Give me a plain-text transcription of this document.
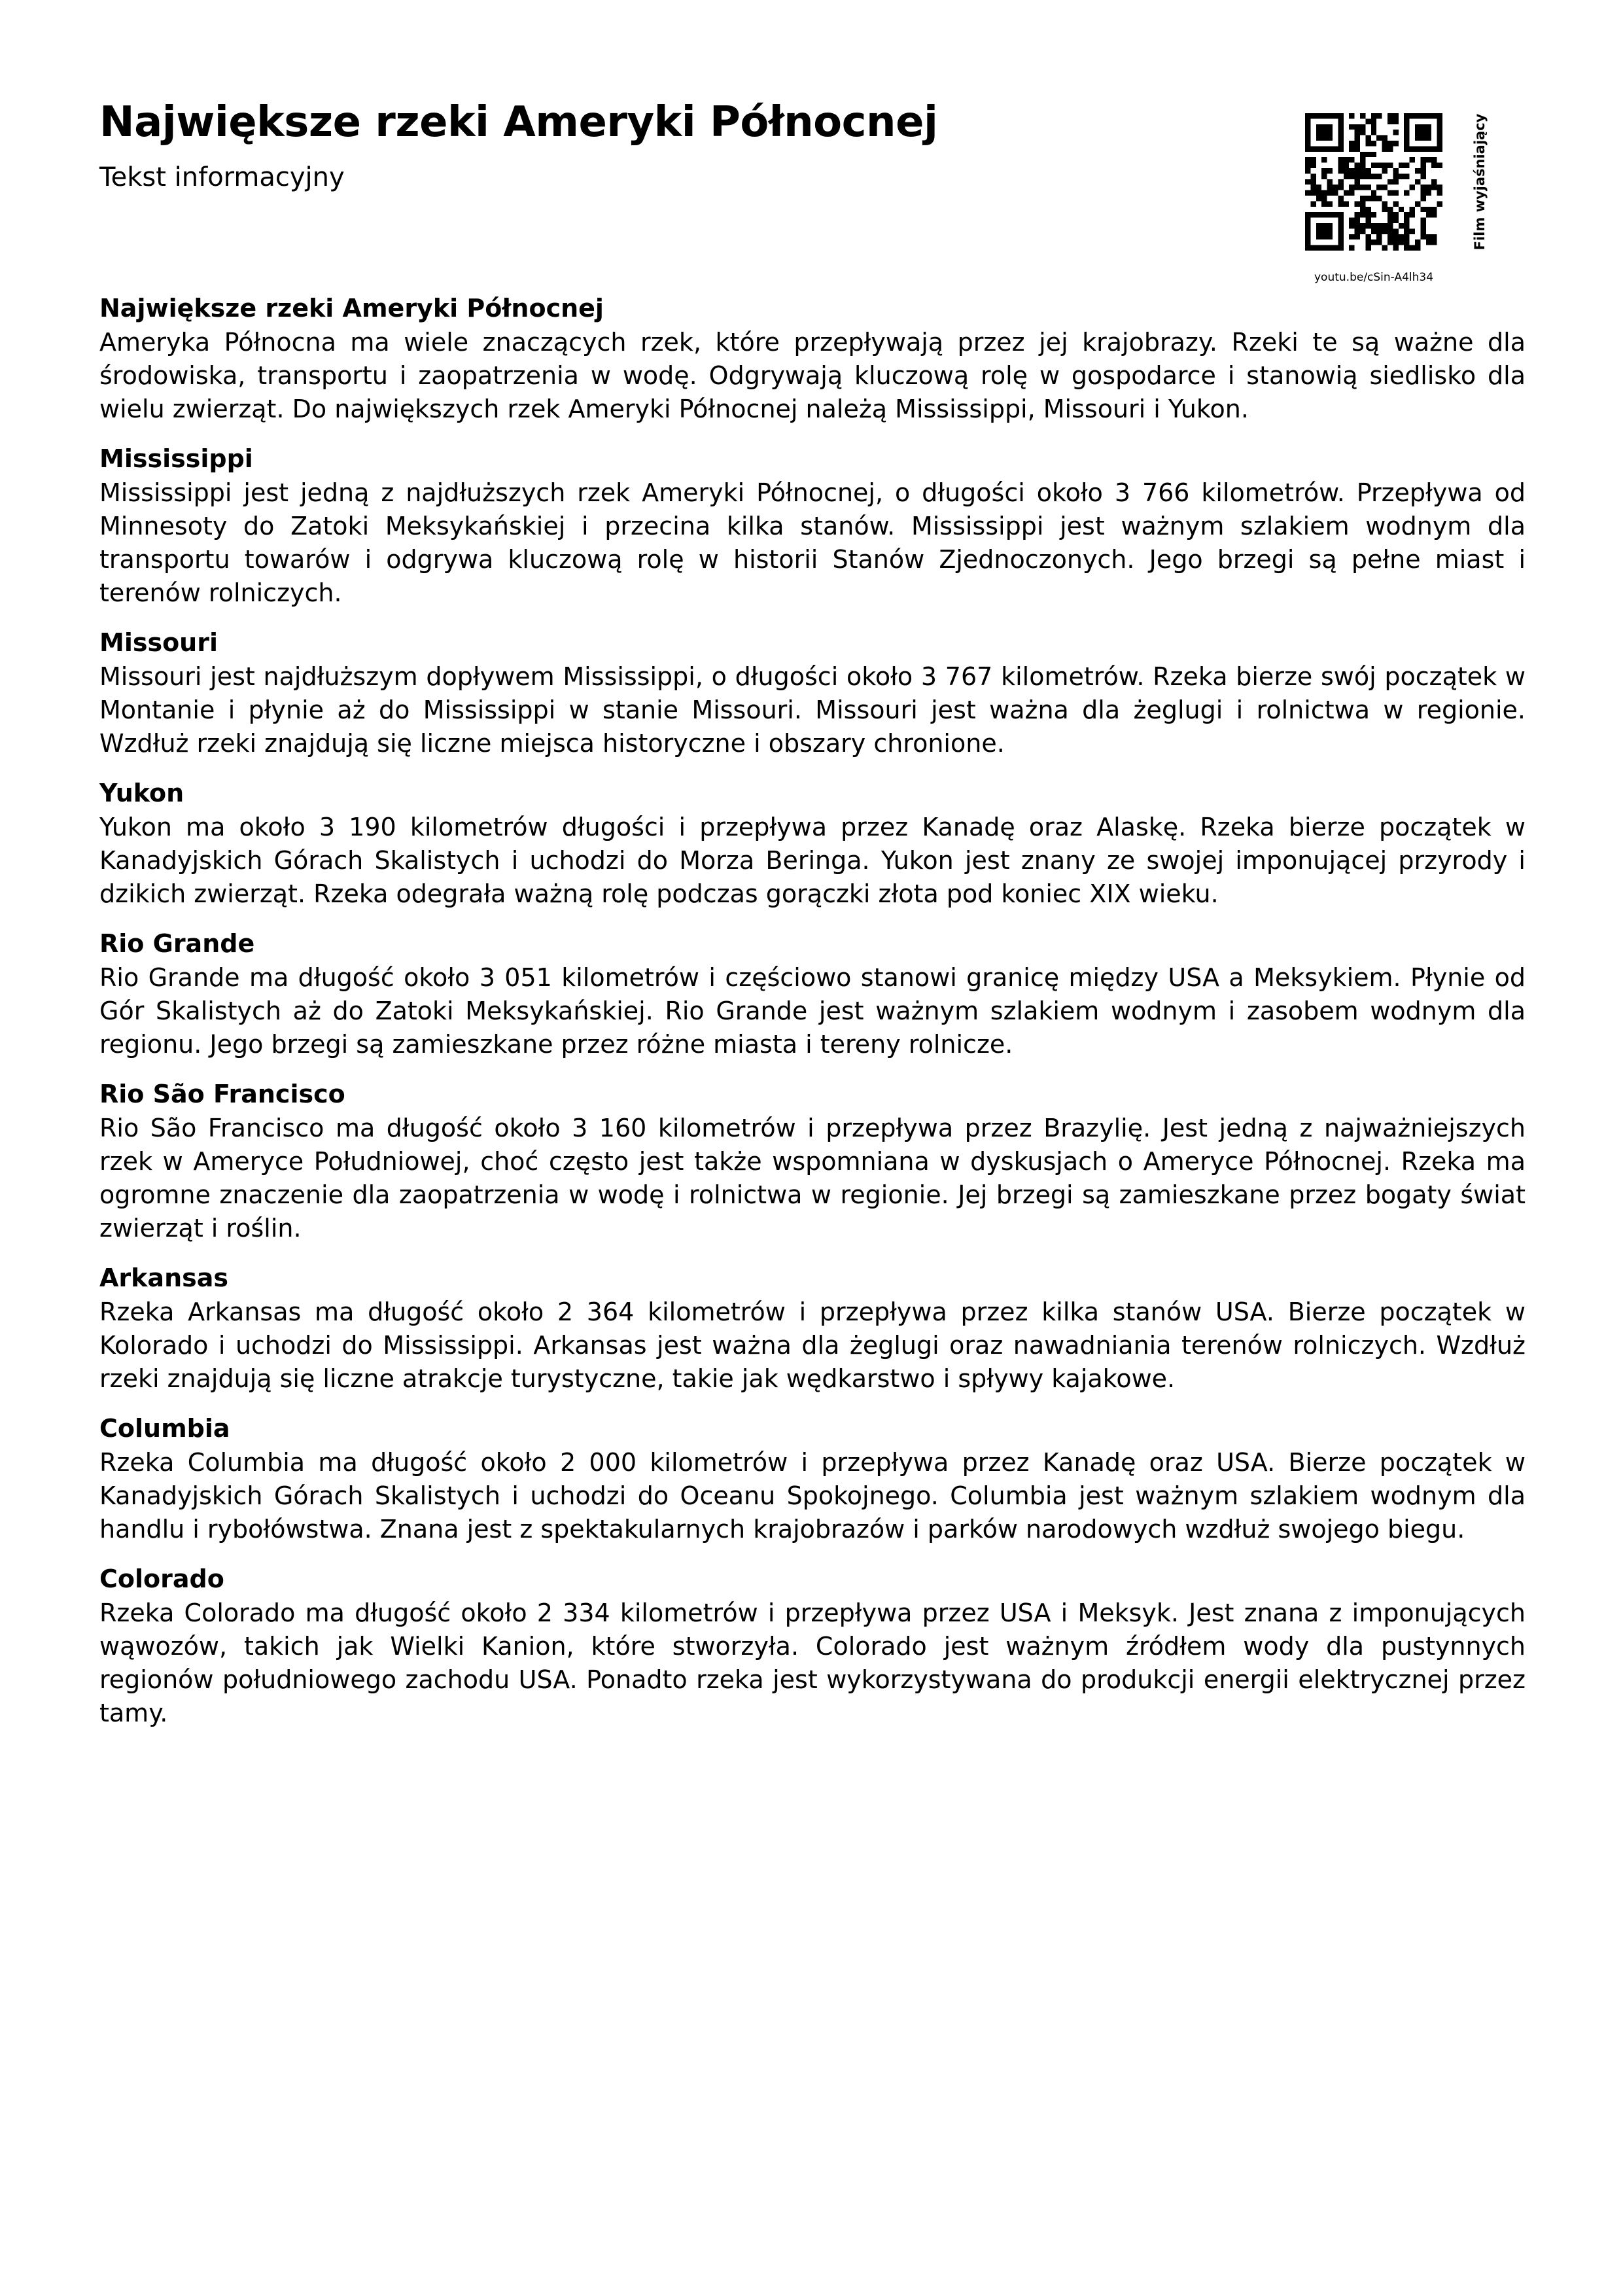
Największe rzeki Ameryki Północnej

Tekst informacyjny

youtu.be/cSin-A4lh34
Film wyjaśniający
Największe rzeki Ameryki Północnej

Ameryka Północna ma wiele znaczących rzek, które przepływają przez jej krajobrazy. Rzeki te są ważne dla środowiska, transportu i zaopatrzenia w wodę. Odgrywają kluczową rolę w gospodarce i stanowią siedlisko dla wielu zwierząt. Do największych rzek Ameryki Północnej należą Mississippi, Missouri i Yukon.

Mississippi

Mississippi jest jedną z najdłuższych rzek Ameryki Północnej, o długości około 3 766 kilometrów. Przepływa od Minnesoty do Zatoki Meksykańskiej i przecina kilka stanów. Mississippi jest ważnym szlakiem wodnym dla transportu towarów i odgrywa kluczową rolę w historii Stanów Zjednoczonych. Jego brzegi są pełne miast i terenów rolniczych.

Missouri

Missouri jest najdłuższym dopływem Mississippi, o długości około 3 767 kilometrów. Rzeka bierze swój początek w Montanie i płynie aż do Mississippi w stanie Missouri. Missouri jest ważna dla żeglugi i rolnictwa w regionie. Wzdłuż rzeki znajdują się liczne miejsca historyczne i obszary chronione.

Yukon

Yukon ma około 3 190 kilometrów długości i przepływa przez Kanadę oraz Alaskę. Rzeka bierze początek w Kanadyjskich Górach Skalistych i uchodzi do Morza Beringa. Yukon jest znany ze swojej imponującej przyrody i dzikich zwierząt. Rzeka odegrała ważną rolę podczas gorączki złota pod koniec XIX wieku.

Rio Grande

Rio Grande ma długość około 3 051 kilometrów i częściowo stanowi granicę między USA a Meksykiem. Płynie od Gór Skalistych aż do Zatoki Meksykańskiej. Rio Grande jest ważnym szlakiem wodnym i zasobem wodnym dla regionu. Jego brzegi są zamieszkane przez różne miasta i tereny rolnicze.

Rio São Francisco

Rio São Francisco ma długość około 3 160 kilometrów i przepływa przez Brazylię. Jest jedną z najważniejszych rzek w Ameryce Południowej, choć często jest także wspomniana w dyskusjach o Ameryce Północnej. Rzeka ma ogromne znaczenie dla zaopatrzenia w wodę i rolnictwa w regionie. Jej brzegi są zamieszkane przez bogaty świat zwierząt i roślin.

Arkansas

Rzeka Arkansas ma długość około 2 364 kilometrów i przepływa przez kilka stanów USA. Bierze początek w Kolorado i uchodzi do Mississippi. Arkansas jest ważna dla żeglugi oraz nawadniania terenów rolniczych. Wzdłuż rzeki znajdują się liczne atrakcje turystyczne, takie jak wędkarstwo i spływy kajakowe.

Columbia

Rzeka Columbia ma długość około 2 000 kilometrów i przepływa przez Kanadę oraz USA. Bierze początek w Kanadyjskich Górach Skalistych i uchodzi do Oceanu Spokojnego. Columbia jest ważnym szlakiem wodnym dla handlu i rybołówstwa. Znana jest z spektakularnych krajobrazów i parków narodowych wzdłuż swojego biegu.

Colorado

Rzeka Colorado ma długość około 2 334 kilometrów i przepływa przez USA i Meksyk. Jest znana z imponujących wąwozów, takich jak Wielki Kanion, które stworzyła. Colorado jest ważnym źródłem wody dla pustynnych regionów południowego zachodu USA. Ponadto rzeka jest wykorzystywana do produkcji energii elektrycznej przez tamy.
